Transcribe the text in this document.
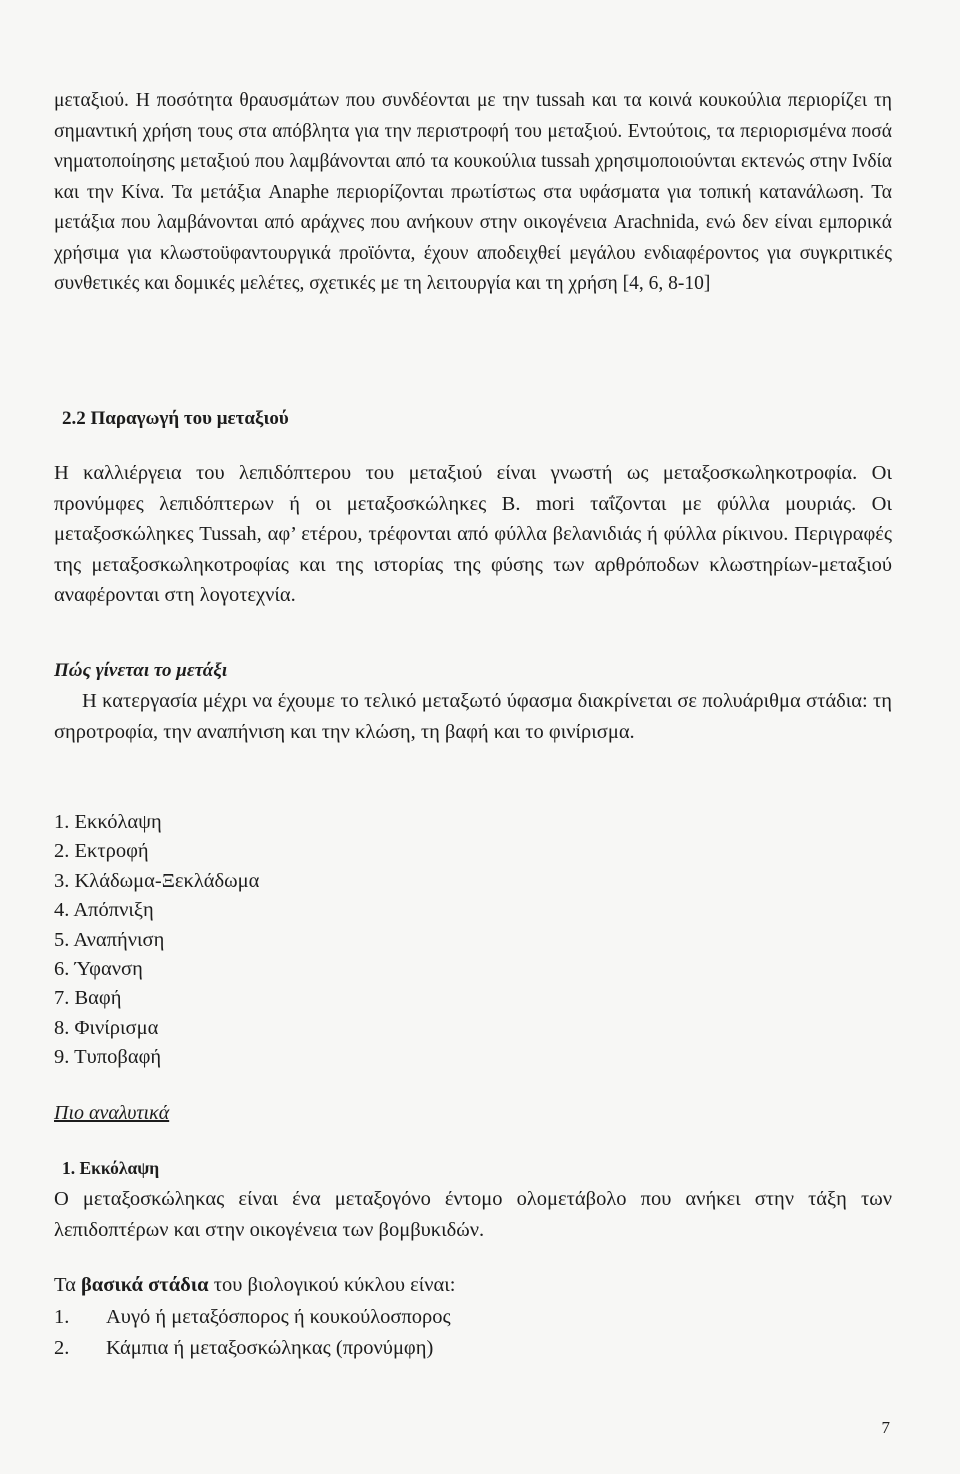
μεταξιού. Η ποσότητα θραυσμάτων που συνδέονται με την tussah και τα κοινά κουκούλια περιορίζει τη σημαντική χρήση τους στα απόβλητα για την περιστροφή του μεταξιού. Εντούτοις, τα περιορισμένα ποσά νηματοποίησης μεταξιού που λαμβάνονται από τα κουκούλια tussah χρησιμοποιούνται εκτενώς στην Ινδία και την Κίνα. Τα μετάξια Anaphe περιορίζονται πρωτίστως στα υφάσματα για τοπική κατανάλωση. Τα μετάξια που λαμβάνονται από αράχνες που ανήκουν στην οικογένεια Arachnida, ενώ δεν είναι εμπορικά χρήσιμα για κλωστοϋφαντουργικά προϊόντα, έχουν αποδειχθεί μεγάλου ενδιαφέροντος για συγκριτικές συνθετικές και δομικές μελέτες, σχετικές με τη λειτουργία και τη χρήση [4, 6, 8-10]

2.2 Παραγωγή του μεταξιού

Η καλλιέργεια του λεπιδόπτερου του μεταξιού είναι γνωστή ως μεταξοσκωληκοτροφία. Οι προνύμφες λεπιδόπτερων ή οι μεταξοσκώληκες B. mori ταΐζονται με φύλλα μουριάς. Οι μεταξοσκώληκες Tussah, αφ’ ετέρου, τρέφονται από φύλλα βελανιδιάς ή φύλλα ρίκινου. Περιγραφές της μεταξοσκωληκοτροφίας και της ιστορίας της φύσης των αρθρόποδων κλωστηρίων-μεταξιού αναφέρονται στη λογοτεχνία.

Πώς γίνεται το μετάξι

Η κατεργασία μέχρι να έχουμε το τελικό μεταξωτό ύφασμα διακρίνεται σε πολυάριθμα στάδια: τη σηροτροφία, την αναπήνιση και την κλώση, τη βαφή και το φινίρισμα.

1. Εκκόλαψη
2. Εκτροφή
3. Κλάδωμα-Ξεκλάδωμα
4. Απόπνιξη
5. Αναπήνιση
6. Ύφανση
7. Βαφή
8. Φινίρισμα
9. Τυποβαφή

Πιο αναλυτικά

1. Εκκόλαψη

Ο μεταξοσκώληκας είναι ένα μεταξογόνο έντομο ολομετάβολο που ανήκει στην τάξη των λεπιδοπτέρων και στην οικογένεια των βομβυκιδών.

Τα βασικά στάδια του βιολογικού κύκλου είναι:

1.	Αυγό ή μεταξόσπορος ή κουκούλοσπορος
2.	Κάμπια ή μεταξοσκώληκας (προνύμφη)
7
